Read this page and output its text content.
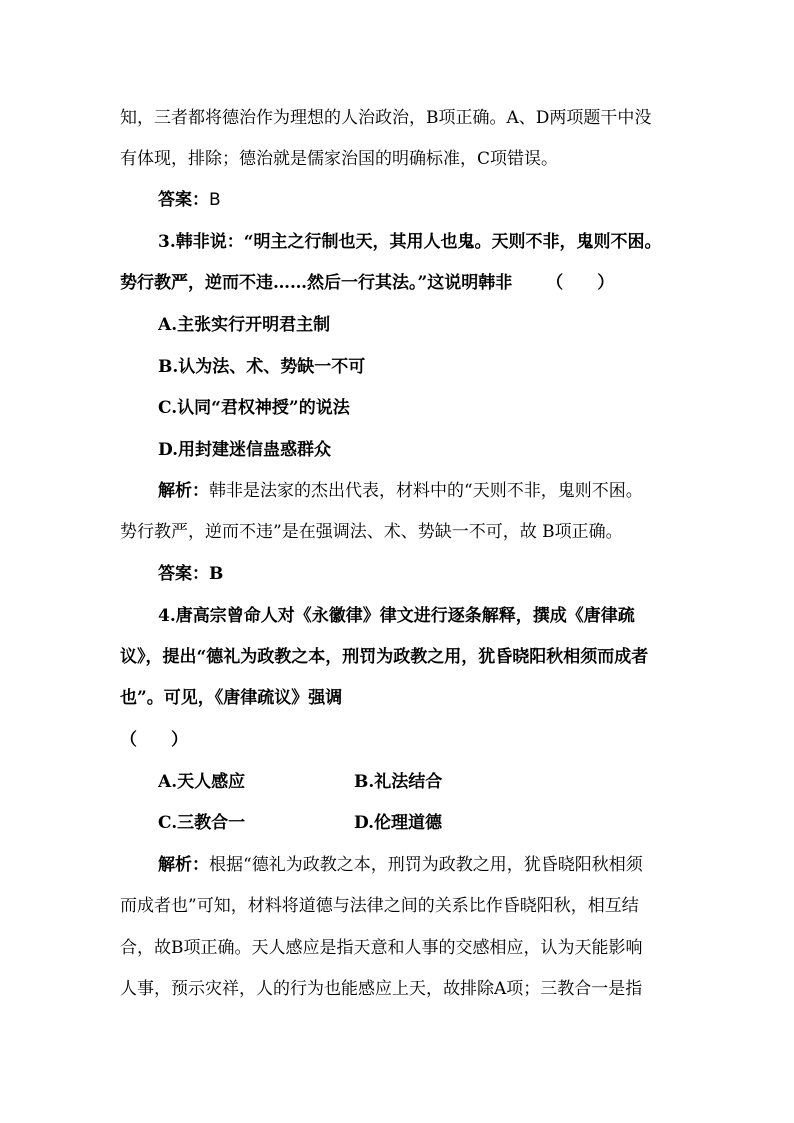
知，三者都将德治作为理想的人治政治，B项正确。A、D两项题干中没
有体现，排除；德治就是儒家治国的明确标准，C项错误。
答案：B
3.韩非说：“明主之行制也天，其用人也鬼。天则不非，鬼则不困。
势行教严，逆而不违……然后一行其法。”这说明韩非 （　　）
A.主张实行开明君主制
B.认为法、术、势缺一不可
C.认同“君权神授”的说法
D.用封建迷信蛊惑群众
解析：韩非是法家的杰出代表，材料中的“天则不非，鬼则不困。
势行教严，逆而不违”是在强调法、术、势缺一不可，故 B项正确。
答案：B
4.唐高宗曾命人对《永徽律》律文进行逐条解释，撰成《唐律疏
议》，提出“德礼为政教之本，刑罚为政教之用，犹昏晓阳秋相须而成者
也”。可见，《唐律疏议》强调
（　　）
A.天人感应	B.礼法结合
C.三教合一	D.伦理道德
解析：根据“德礼为政教之本，刑罚为政教之用，犹昏晓阳秋相须
而成者也”可知，材料将道德与法律之间的关系比作昏晓阳秋，相互结
合，故B项正确。天人感应是指天意和人事的交感相应，认为天能影响
人事，预示灾祥，人的行为也能感应上天，故排除A项；三教合一是指
